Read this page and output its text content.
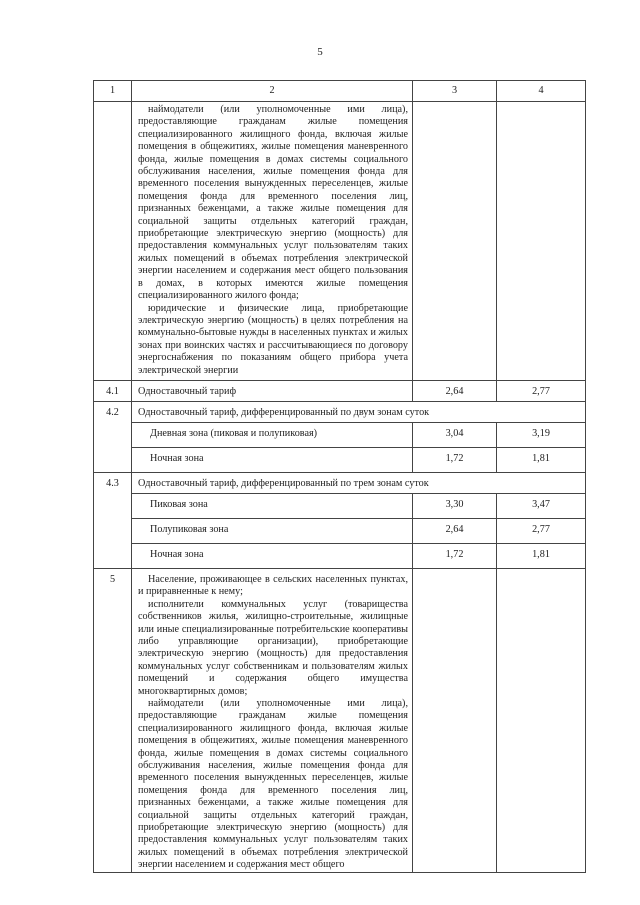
5
1	2	3	4

	наймодатели (или уполномоченные ими лица), предоставляющие гражданам жилые помещения специализированного жилищного фонда, включая жилые помещения в общежитиях, жилые помещения маневренного фонда, жилые помещения в домах системы социального обслуживания населения, жилые помещения фонда для временного поселения вынужденных переселенцев, жилые помещения фонда для временного поселения лиц, признанных беженцами, а также жилые помещения для социальной защиты отдельных категорий граждан, приобретающие электрическую энергию (мощность) для предоставления коммунальных услуг пользователям таких жилых помещений в объемах потребления электрической энергии населением и содержания мест общего пользования в домах, в которых имеются жилые помещения специализированного жилого фонда;

юридические и физические лица, приобретающие электрическую энергию (мощность) в целях потребления на коммунально-бытовые нужды в населенных пунктах и жилых зонах при воинских частях и рассчитывающиеся по договору энергоснабжения по показаниям общего прибора учета электрической энергии		

4.1	Одноставочный тариф	2,64	2,77

4.2	Одноставочный тариф, дифференцированный по двум зонам суток		

	Дневная зона (пиковая и полупиковая)	3,04	3,19

	Ночная зона	1,72	1,81

4.3	Одноставочный тариф, дифференцированный по трем зонам суток		

	Пиковая зона	3,30	3,47

	Полупиковая зона	2,64	2,77

	Ночная зона	1,72	1,81

5	Население, проживающее в сельских населенных пунктах, и приравненные к нему;

исполнители коммунальных услуг (товарищества собственников жилья, жилищно-строительные, жилищные или иные специализированные потребительские кооперативы либо управляющие организации), приобретающие электрическую энергию (мощность) для предоставления коммунальных услуг собственникам и пользователям жилых помещений и содержания общего имущества многоквартирных домов;

наймодатели (или уполномоченные ими лица), предоставляющие гражданам жилые помещения специализированного жилищного фонда, включая жилые помещения в общежитиях, жилые помещения маневренного фонда, жилые помещения в домах системы социального обслуживания населения, жилые помещения фонда для временного поселения вынужденных переселенцев, жилые помещения фонда для временного поселения лиц, признанных беженцами, а также жилые помещения для социальной защиты отдельных категорий граждан, приобретающие электрическую энергию (мощность) для предоставления коммунальных услуг пользователям таких жилых помещений в объемах потребления электрической энергии населением и содержания мест общего		
